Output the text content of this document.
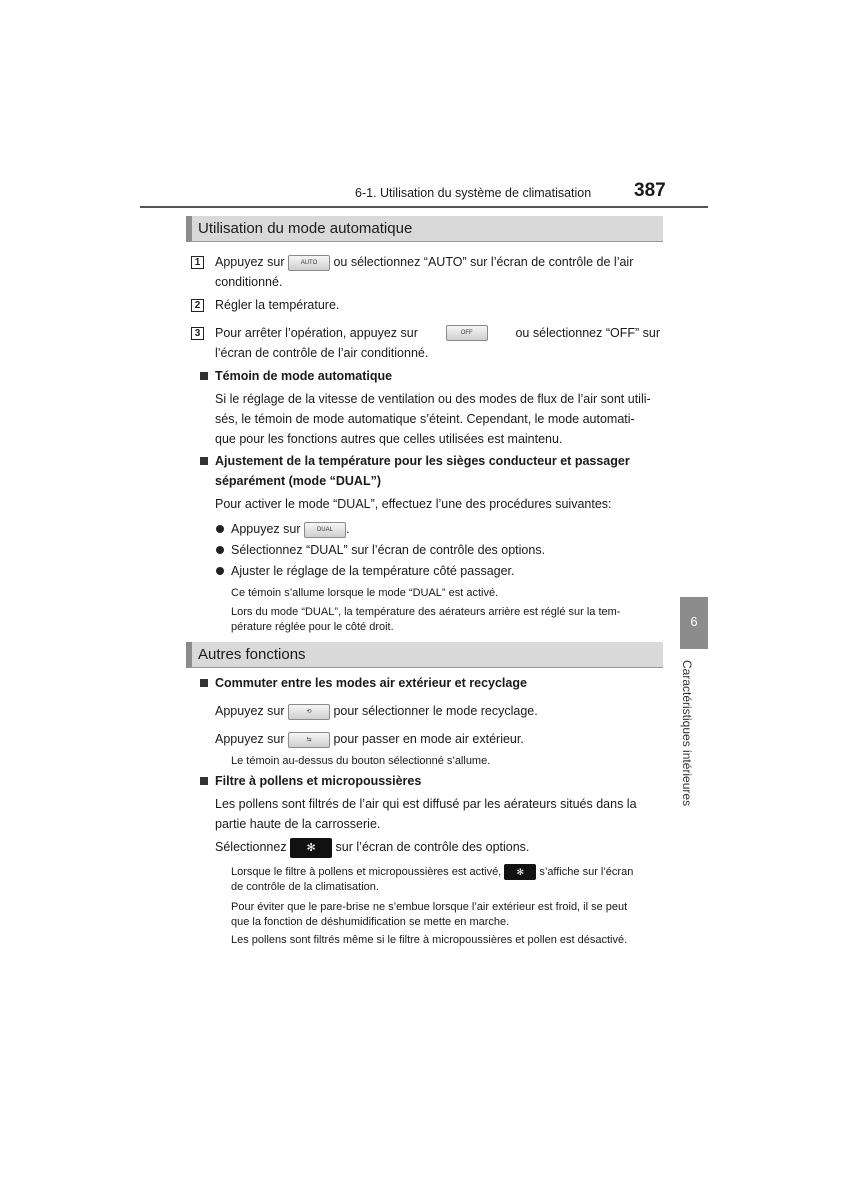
6-1. Utilisation du système de climatisation 387
6
Caractéristiques intérieures
Utilisation du mode automatique
1 Appuyez sur	AUTO ou sélectionnez “AUTO” sur l’écran de contrôle de l’air
conditionné.
2 Régler la température.
3 Pour arrêter l’opération, appuyez sur	OFF	ou sélectionnez “OFF” sur
l’écran de contrôle de l’air conditionné.
Témoin de mode automatique
Si le réglage de la vitesse de ventilation ou des modes de flux de l’air sont utili-
sés, le témoin de mode automatique s’éteint. Cependant, le mode automati-
que pour les fonctions autres que celles utilisées est maintenu.
Ajustement de la température pour les sièges conducteur et passager
séparément (mode “DUAL”)
Pour activer le mode “DUAL”, effectuez l’une des procédures suivantes:
Appuyez sur	DUAL .
Sélectionnez “DUAL” sur l’écran de contrôle des options.
Ajuster le réglage de la température côté passager.
Ce témoin s’allume lorsque le mode “DUAL” est activé.
Lors du mode “DUAL”, la température des aérateurs arrière est réglé sur la tem-
pérature réglée pour le côté droit.
Autres fonctions
Commuter entre les modes air extérieur et recyclage
Appuyez sur	⟲ pour sélectionner le mode recyclage.
Appuyez sur	⇆ pour passer en mode air extérieur.
Le témoin au-dessus du bouton sélectionné s’allume.
Filtre à pollens et micropoussières
Les pollens sont filtrés de l’air qui est diffusé par les aérateurs situés dans la
partie haute de la carrosserie.
Sélectionnez ✻ sur l’écran de contrôle des options.
Lorsque le filtre à pollens et micropoussières est activé, ✻ s’affiche sur l’écran
de contrôle de la climatisation.
Pour éviter que le pare-brise ne s’embue lorsque l’air extérieur est froid, il se peut
que la fonction de déshumidification se mette en marche.
Les pollens sont filtrés même si le filtre à micropoussières et pollen est désactivé.
